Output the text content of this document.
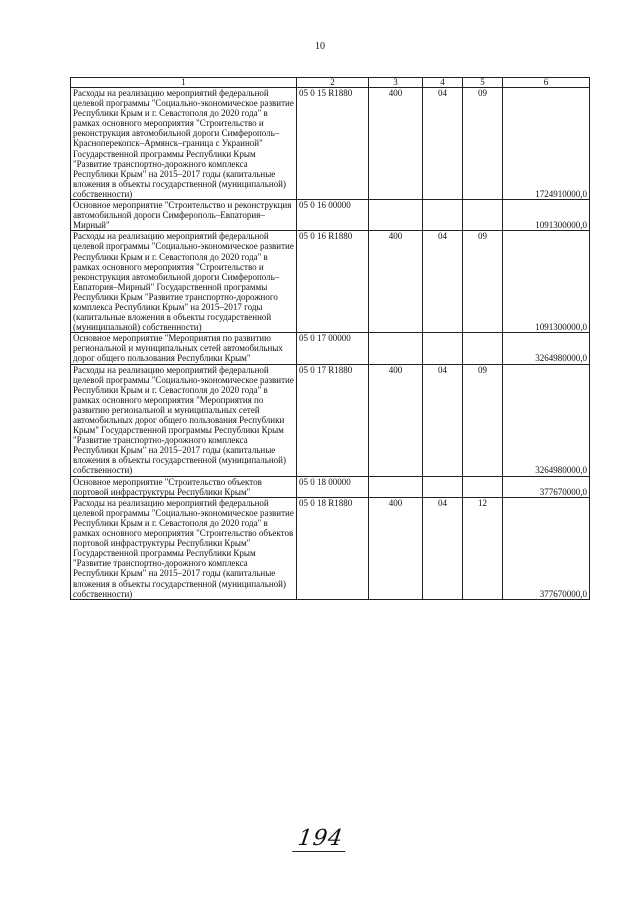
10
1	2	3	4	5	6
Расходы на реализацию мероприятий федеральной целевой программы "Социально-экономическое развитие Республики Крым и г. Севастополя до 2020 года" в рамках основного мероприятия "Строительство и реконструкция автомобильной дороги Симферополь–Красноперекопск–Армянск–граница с Украиной" Государственной программы Республики Крым "Развитие транспортно-дорожного комплекса Республики Крым" на 2015–2017 годы (капитальные вложения в объекты государственной (муниципальной) собственности)	05 0 15 R1880	400	04	09	1724910000,0
Основное мероприятие "Строительство и реконструкция автомобильной дороги Симферополь–Евпатория–Мирный"	05 0 16 00000				1091300000,0
Расходы на реализацию мероприятий федеральной целевой программы "Социально-экономическое развитие Республики Крым и г. Севастополя до 2020 года" в рамках основного мероприятия "Строительство и реконструкция автомобильной дороги Симферополь–Евпатория–Мирный" Государственной программы Республики Крым "Развитие транспортно-дорожного комплекса Республики Крым" на 2015–2017 годы (капитальные вложения в объекты государственной (муниципальной) собственности)	05 0 16 R1880	400	04	09	1091300000,0
Основное мероприятие "Мероприятия по развитию региональной и муниципальных сетей автомобильных дорог общего пользования Республики Крым"	05 0 17 00000				3264980000,0
Расходы на реализацию мероприятий федеральной целевой программы "Социально-экономическое развитие Республики Крым и г. Севастополя до 2020 года" в рамках основного мероприятия "Мероприятия по развитию региональной и муниципальных сетей автомобильных дорог общего пользования Республики Крым" Государственной программы Республики Крым "Развитие транспортно-дорожного комплекса Республики Крым" на 2015–2017 годы (капитальные вложения в объекты государственной (муниципальной) собственности)	05 0 17 R1880	400	04	09	3264980000,0
Основное мероприятие "Строительство объектов портовой инфраструктуры Республики Крым"	05 0 18 00000				377670000,0
Расходы на реализацию мероприятий федеральной целевой программы "Социально-экономическое развитие Республики Крым и г. Севастополя до 2020 года" в рамках основного мероприятия "Строительство объектов портовой инфраструктуры Республики Крым" Государственной программы Республики Крым "Развитие транспортно-дорожного комплекса Республики Крым" на 2015–2017 годы (капитальные вложения в объекты государственной (муниципальной) собственности)	05 0 18 R1880	400	04	12	377670000,0
194
